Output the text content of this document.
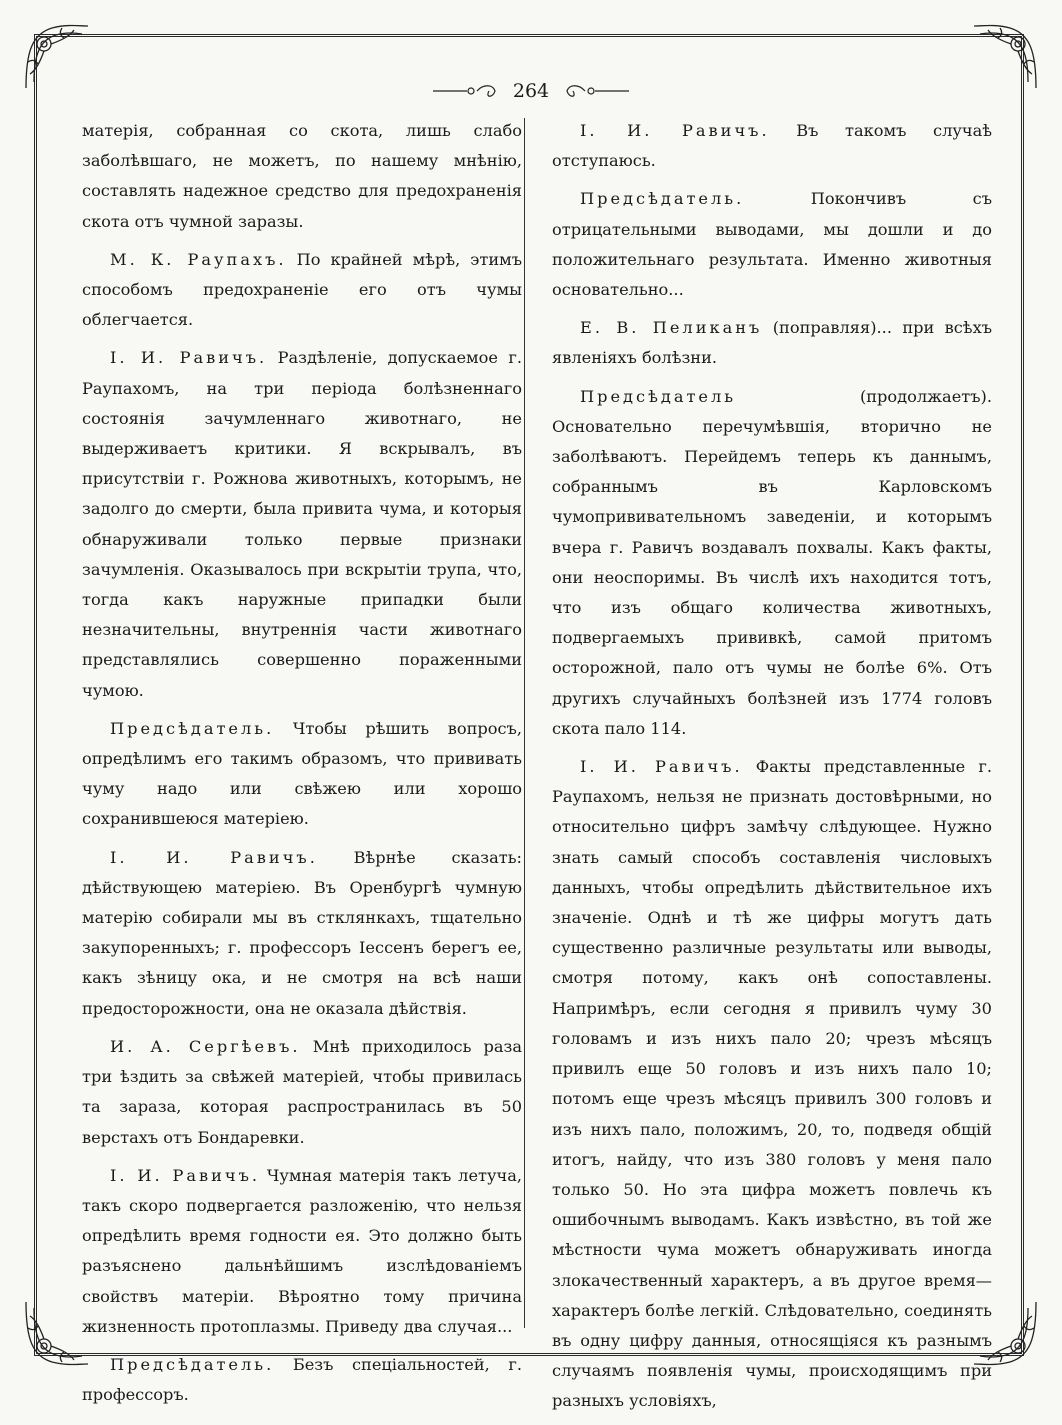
264

матерія, собранная со скота, лишь слабо заболѣвшаго, не можетъ, по нашему мнѣнію, составлять надежное средство для предохраненія скота отъ чумной заразы.

М. К. Раупахъ. По крайней мѣрѣ, этимъ способомъ предохраненіе его отъ чумы облегчается.

І. И. Равичъ. Раздѣленіе, допускаемое г. Раупахомъ, на три періода болѣзненнаго состоянія зачумленнаго животнаго, не выдерживаетъ критики. Я вскрывалъ, въ присутствіи г. Рожнова животныхъ, которымъ, не задолго до смерти, была привита чума, и которыя обнаруживали только первые признаки зачумленія. Оказывалось при вскрытіи трупа, что, тогда какъ наружные припадки были незначительны, внутреннія части животнаго представлялись совершенно пораженными чумою.

Предсѣдатель. Чтобы рѣшить вопросъ, опредѣлимъ его такимъ образомъ, что прививать чуму надо или свѣжею или хорошо сохранившеюся матеріею.

І. И. Равичъ. Вѣрнѣе сказать: дѣйствующею матеріею. Въ Оренбургѣ чумную матерію собирали мы въ стклянкахъ, тщательно закупоренныхъ; г. профессоръ Іессенъ берегъ ее, какъ зѣницу ока, и не смотря на всѣ наши предосторожности, она не оказала дѣйствія.

И. А. Сергѣевъ. Мнѣ приходилось раза три ѣздить за свѣжей матеріей, чтобы привилась та зараза, которая распространилась въ 50 верстахъ отъ Бондаревки.

І. И. Равичъ. Чумная матерія такъ летуча, такъ скоро подвергается разложенію, что нельзя опредѣлить время годности ея. Это должно быть разъяснено дальнѣйшимъ изслѣдованіемъ свойствъ матеріи. Вѣроятно тому причина жизненность протоплазмы. Приведу два случая...

Предсѣдатель. Безъ спеціальностей, г. профессоръ.

І. И. Равичъ. Въ такомъ случаѣ отступаюсь.

Предсѣдатель.	Покончивъ съ отрицательными выводами, мы дошли и до положительнаго результата. Именно животныя основательно...

Е. В. Пеликанъ (поправляя)... при всѣхъ явленіяхъ болѣзни.

Предсѣдатель	(продолжаетъ). Основательно перечумѣвшія, вторично не заболѣваютъ. Перейдемъ теперь къ даннымъ, собраннымъ въ Карловскомъ чумопрививательномъ заведеніи, и которымъ вчера г. Равичъ воздавалъ похвалы. Какъ факты, они неоспоримы. Въ числѣ ихъ находится тотъ, что изъ общаго количества животныхъ, подвергаемыхъ прививкѣ, самой притомъ осторожной, пало отъ чумы не болѣе 6%. Отъ другихъ случайныхъ болѣзней изъ 1774 головъ скота пало 114.

І. И. Равичъ. Факты представленные г. Раупахомъ, нельзя не признать достовѣрными, но относительно цифръ замѣчу слѣдующее. Нужно знать самый способъ составленія числовыхъ данныхъ, чтобы опредѣлить дѣйствительное ихъ значеніе. Однѣ и тѣ же цифры могутъ дать существенно различные результаты или выводы, смотря потому, какъ онѣ сопоставлены. Напримѣръ, если сегодня я привилъ чуму 30 головамъ и изъ нихъ пало 20; чрезъ мѣсяцъ привилъ еще 50 головъ и изъ нихъ пало 10; потомъ еще чрезъ мѣсяцъ привилъ 300 головъ и изъ нихъ пало, положимъ, 20, то, подведя общій итогъ, найду, что изъ 380 головъ у меня пало только 50. Но эта цифра можетъ повлечь къ ошибочнымъ выводамъ. Какъ извѣстно, въ той же мѣстности чума можетъ обнаруживать иногда злокачественный характеръ, а въ другое время—характеръ болѣе легкій. Слѣдовательно, соединять въ одну цифру данныя, относящіяся къ разнымъ случаямъ появленія чумы, происходящимъ при разныхъ условіяхъ,
